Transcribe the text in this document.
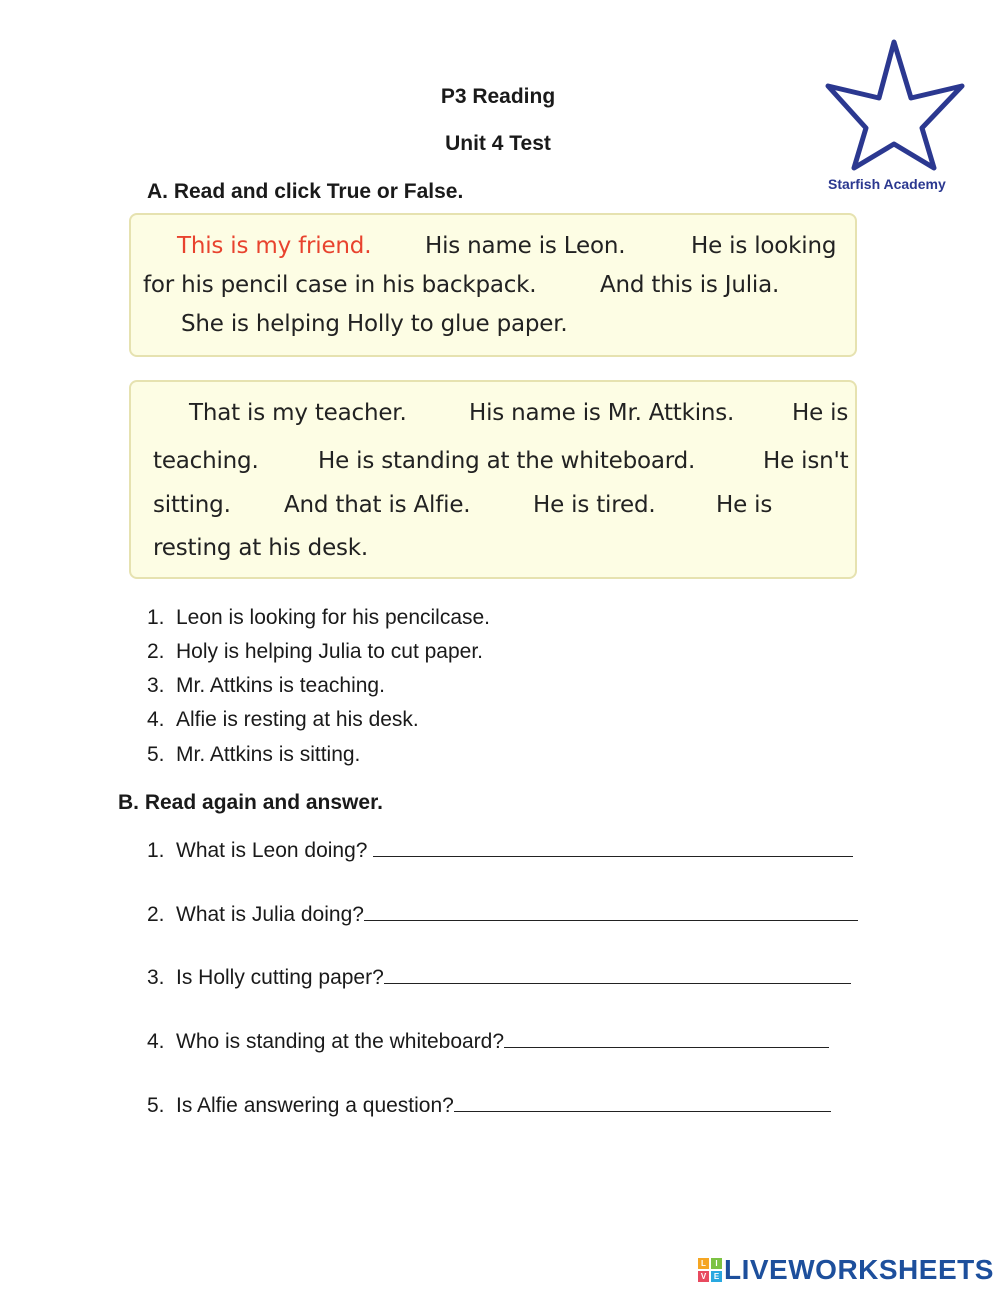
P3 Reading
Unit 4 Test
Starfish Academy
A. Read and click True or False.
This is my friend. His name is Leon.	He is looking
for his pencil case in his backpack.	And this is Julia.
She is helping Holly to glue paper.
That is my teacher.	His name is Mr. Attkins.	He is
teaching.	He is standing at the whiteboard.	He isn't
sitting. And that is Alfie.	He is tired.	He is
resting at his desk.
1. Leon is looking for his pencilcase.
2. Holy is helping Julia to cut paper.
3. Mr. Attkins is teaching.
4. Alfie is resting at his desk.
5. Mr. Attkins is sitting.
B. Read again and answer.
1. What is Leon doing?
2. What is Julia doing?
3. Is Holly cutting paper?
4. Who is standing at the whiteboard?
5. Is Alfie answering a question?
L	I
V E LIVEWORKSHEETS
